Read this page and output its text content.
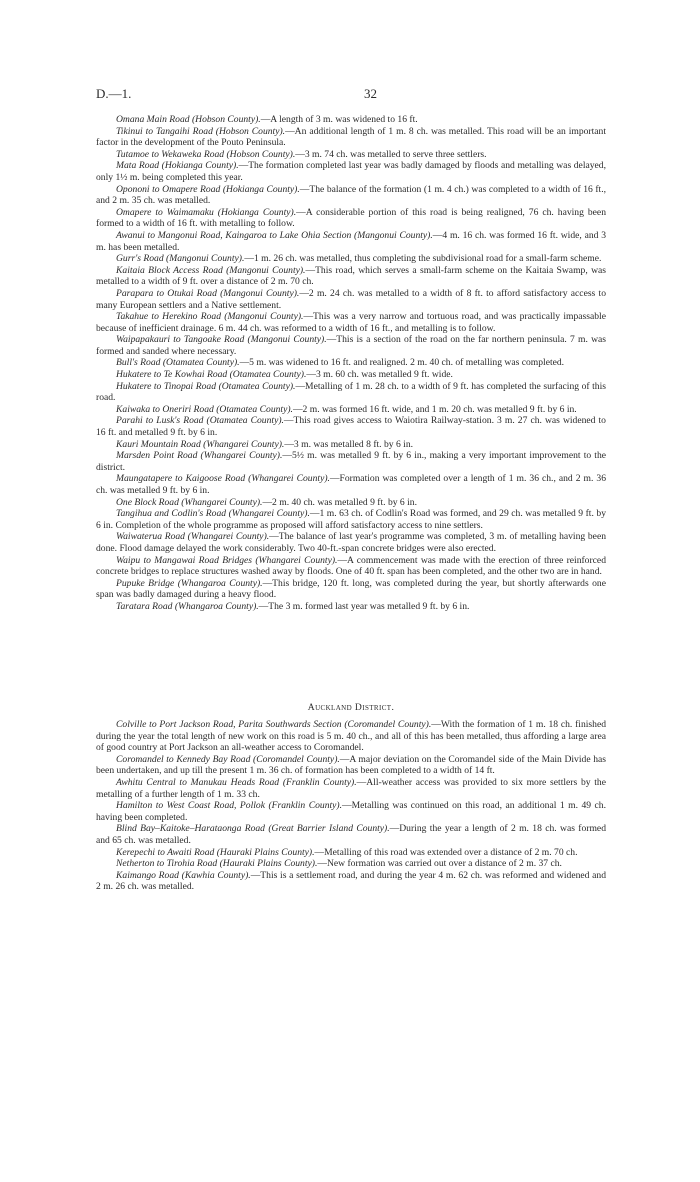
D.—1.	32

Omana Main Road (Hobson County).—A length of 3 m. was widened to 16 ft.

Tikinui to Tangaihi Road (Hobson County).—An additional length of 1 m. 8 ch. was metalled. This road will be an important factor in the development of the Pouto Peninsula.

Tutamoe to Wekaweka Road (Hobson County).—3 m. 74 ch. was metalled to serve three settlers.

Mata Road (Hokianga County).—The formation completed last year was badly damaged by floods and metalling was delayed, only 1½ m. being completed this year.

Opononi to Omapere Road (Hokianga County).—The balance of the formation (1 m. 4 ch.) was completed to a width of 16 ft., and 2 m. 35 ch. was metalled.

Omapere to Waimamaku (Hokianga County).—A considerable portion of this road is being realigned, 76 ch. having been formed to a width of 16 ft. with metalling to follow.

Awanui to Mangonui Road, Kaingaroa to Lake Ohia Section (Mangonui County).—4 m. 16 ch. was formed 16 ft. wide, and 3 m. has been metalled.

Gurr's Road (Mangonui County).—1 m. 26 ch. was metalled, thus completing the subdivisional road for a small-farm scheme.

Kaitaia Block Access Road (Mangonui County).—This road, which serves a small-farm scheme on the Kaitaia Swamp, was metalled to a width of 9 ft. over a distance of 2 m. 70 ch.

Parapara to Otukai Road (Mangonui County).—2 m. 24 ch. was metalled to a width of 8 ft. to afford satisfactory access to many European settlers and a Native settlement.

Takahue to Herekino Road (Mangonui County).—This was a very narrow and tortuous road, and was practically impassable because of inefficient drainage. 6 m. 44 ch. was reformed to a width of 16 ft., and metalling is to follow.

Waipapakauri to Tangoake Road (Mangonui County).—This is a section of the road on the far northern peninsula. 7 m. was formed and sanded where necessary.

Bull's Road (Otamatea County).—5 m. was widened to 16 ft. and realigned. 2 m. 40 ch. of metalling was completed.

Hukatere to Te Kowhai Road (Otamatea County).—3 m. 60 ch. was metalled 9 ft. wide.

Hukatere to Tinopai Road (Otamatea County).—Metalling of 1 m. 28 ch. to a width of 9 ft. has completed the surfacing of this road.

Kaiwaka to Oneriri Road (Otamatea County).—2 m. was formed 16 ft. wide, and 1 m. 20 ch. was metalled 9 ft. by 6 in.

Parahi to Lusk's Road (Otamatea County).—This road gives access to Waiotira Railway-station. 3 m. 27 ch. was widened to 16 ft. and metalled 9 ft. by 6 in.

Kauri Mountain Road (Whangarei County).—3 m. was metalled 8 ft. by 6 in.

Marsden Point Road (Whangarei County).—5½ m. was metalled 9 ft. by 6 in., making a very important improvement to the district.

Maungatapere to Kaigoose Road (Whangarei County).—Formation was completed over a length of 1 m. 36 ch., and 2 m. 36 ch. was metalled 9 ft. by 6 in.

One Block Road (Whangarei County).—2 m. 40 ch. was metalled 9 ft. by 6 in.

Tangihua and Codlin's Road (Whangarei County).—1 m. 63 ch. of Codlin's Road was formed, and 29 ch. was metalled 9 ft. by 6 in. Completion of the whole programme as proposed will afford satisfactory access to nine settlers.

Waiwaterua Road (Whangarei County).—The balance of last year's programme was completed, 3 m. of metalling having been done. Flood damage delayed the work considerably. Two 40-ft.-span concrete bridges were also erected.

Waipu to Mangawai Road Bridges (Whangarei County).—A commencement was made with the erection of three reinforced concrete bridges to replace structures washed away by floods. One of 40 ft. span has been completed, and the other two are in hand.

Pupuke Bridge (Whangaroa County).—This bridge, 120 ft. long, was completed during the year, but shortly afterwards one span was badly damaged during a heavy flood.

Taratara Road (Whangaroa County).—The 3 m. formed last year was metalled 9 ft. by 6 in.

Auckland District.

Colville to Port Jackson Road, Parita Southwards Section (Coromandel County).—With the formation of 1 m. 18 ch. finished during the year the total length of new work on this road is 5 m. 40 ch., and all of this has been metalled, thus affording a large area of good country at Port Jackson an all-weather access to Coromandel.

Coromandel to Kennedy Bay Road (Coromandel County).—A major deviation on the Coromandel side of the Main Divide has been undertaken, and up till the present 1 m. 36 ch. of formation has been completed to a width of 14 ft.

Awhitu Central to Manukau Heads Road (Franklin County).—All-weather access was provided to six more settlers by the metalling of a further length of 1 m. 33 ch.

Hamilton to West Coast Road, Pollok (Franklin County).—Metalling was continued on this road, an additional 1 m. 49 ch. having been completed.

Blind Bay–Kaitoke–Harataonga Road (Great Barrier Island County).—During the year a length of 2 m. 18 ch. was formed and 65 ch. was metalled.

Kerepechi to Awaiti Road (Hauraki Plains County).—Metalling of this road was extended over a distance of 2 m. 70 ch.

Netherton to Tirohia Road (Hauraki Plains County).—New formation was carried out over a distance of 2 m. 37 ch.

Kaimango Road (Kawhia County).—This is a settlement road, and during the year 4 m. 62 ch. was reformed and widened and 2 m. 26 ch. was metalled.
